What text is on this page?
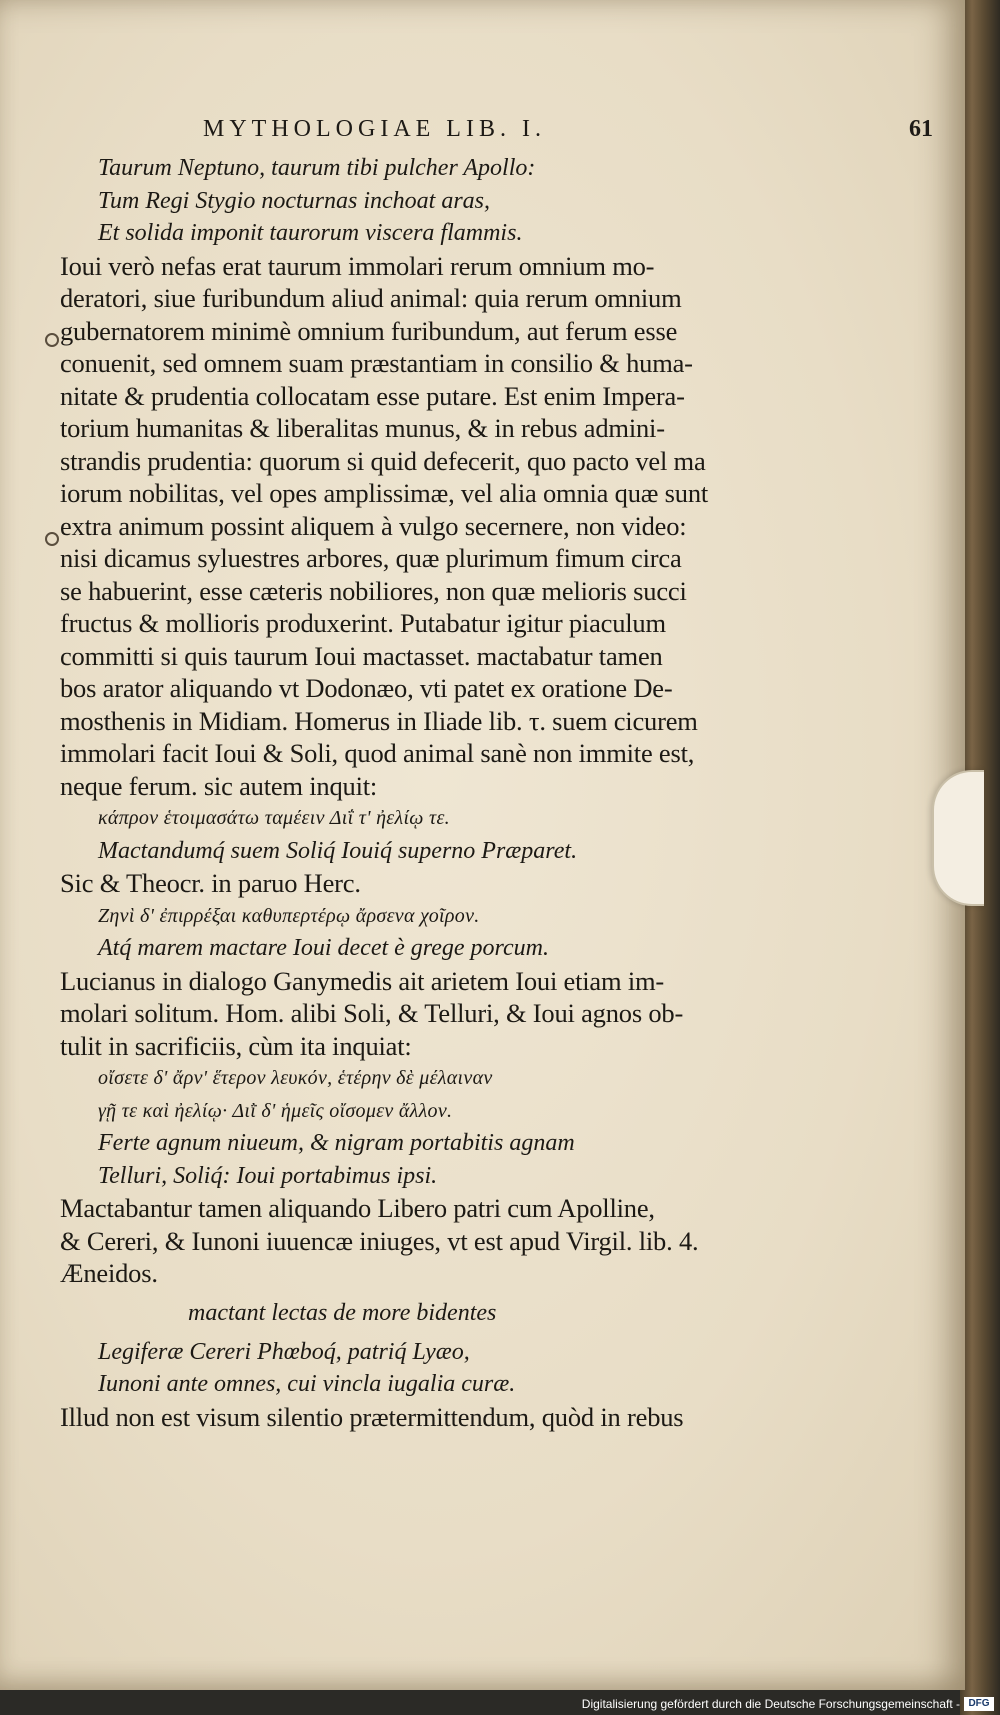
MYTHOLOGIAE LIB. I.	61
Taurum Neptuno, taurum tibi pulcher Apollo:
Tum Regi Stygio nocturnas inchoat aras,
Et solida imponit taurorum viscera flammis.
Ioui verò nefas erat taurum immolari rerum omnium mo-
deratori, siue furibundum aliud animal: quia rerum omnium
gubernatorem minimè omnium furibundum, aut ferum esse
conuenit, sed omnem suam præstantiam in consilio & huma-
nitate & prudentia collocatam esse putare. Est enim Impera-
torium humanitas & liberalitas munus, & in rebus admini-
strandis prudentia: quorum si quid defecerit, quo pacto vel ma
iorum nobilitas, vel opes amplissimæ, vel alia omnia quæ sunt
extra animum possint aliquem à vulgo secernere, non video:
nisi dicamus syluestres arbores, quæ plurimum fimum circa
se habuerint, esse cæteris nobiliores, non quæ melioris succi
fructus & mollioris produxerint. Putabatur igitur piaculum
committi si quis taurum Ioui mactasset. mactabatur tamen
bos arator aliquando vt Dodonæo, vti patet ex oratione De-
mosthenis in Midiam. Homerus in Iliade lib. τ. suem cicurem
immolari facit Ioui & Soli, quod animal sanè non immite est,
neque ferum. sic autem inquit:
κάπρον ἑτοιμασάτω ταμέειν Διΐ τ' ἠελίῳ τε.
Mactandumq́ suem Soliq́ Iouiq́ superno Præparet.
Sic & Theocr. in paruo Herc.
Ζηνὶ δ' ἐπιρρέξαι καθυπερτέρῳ ἄρσενα χοῖρον.
Atq́ marem mactare Ioui decet è grege porcum.
Lucianus in dialogo Ganymedis ait arietem Ioui etiam im-
molari solitum. Hom. alibi Soli, & Telluri, & Ioui agnos ob-
tulit in sacrificiis, cùm ita inquiat:
οἴσετε δ' ἄρν' ἕτερον λευκόν, ἑτέρην δὲ μέλαιναν
γῇ τε καὶ ἠελίῳ· Διῒ δ' ἡμεῖς οἴσομεν ἄλλον.
Ferte agnum niueum, & nigram portabitis agnam
Telluri, Soliq́: Ioui portabimus ipsi.
Mactabantur tamen aliquando Libero patri cum Apolline,
& Cereri, & Iunoni iuuencæ iniuges, vt est apud Virgil. lib. 4.
Æneidos.
mactant lectas de more bidentes
Legiferæ Cereri Phœboq́, patriq́ Lyæo,
Iunoni ante omnes, cui vincla iugalia curæ.
Illud non est visum silentio prætermittendum, quòd in rebus
Digitalisierung gefördert durch die Deutsche Forschungsgemeinschaft - DFG
